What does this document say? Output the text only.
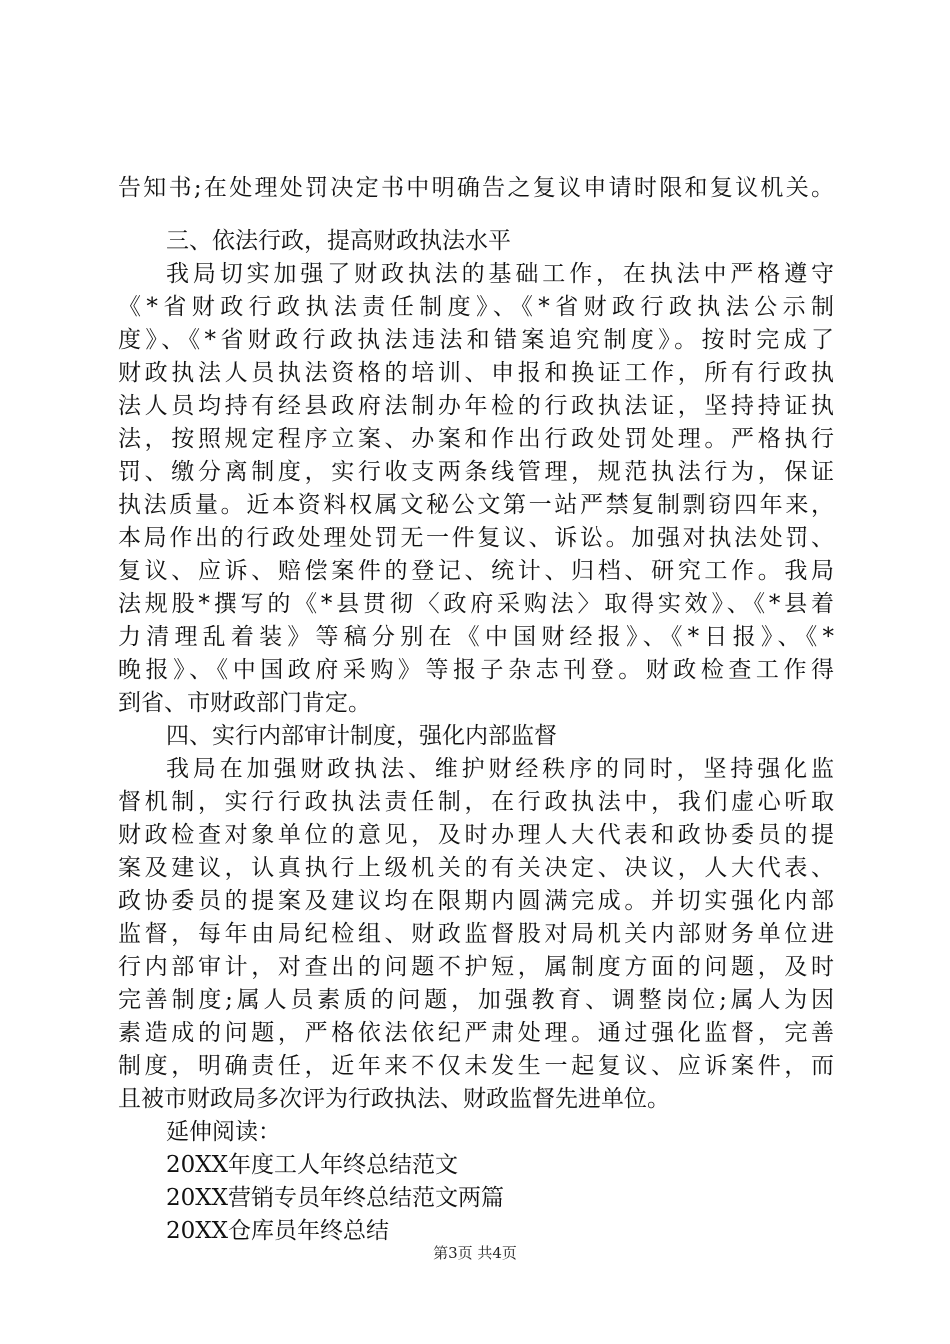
告知书;在处理处罚决定书中明确告之复议申请时限和复议机关。
三、依法行政，提高财政执法水平
我局切实加强了财政执法的基础工作，在执法中严格遵守
《*省财政行政执法责任制度》、《*省财政行政执法公示制
度》、《*省财政行政执法违法和错案追究制度》。按时完成了
财政执法人员执法资格的培训、申报和换证工作，所有行政执
法人员均持有经县政府法制办年检的行政执法证，坚持持证执
法，按照规定程序立案、办案和作出行政处罚处理。严格执行
罚、缴分离制度，实行收支两条线管理，规范执法行为，保证
执法质量。近本资料权属文秘公文第一站严禁复制剽窃四年来，
本局作出的行政处理处罚无一件复议、诉讼。加强对执法处罚、
复议、应诉、赔偿案件的登记、统计、归档、研究工作。我局
法规股*撰写的《*县贯彻〈政府采购法〉取得实效》、《*县着
力清理乱着装》等稿分别在《中国财经报》、《*日报》、《*
晚报》、《中国政府采购》等报子杂志刊登。财政检查工作得
到省、市财政部门肯定。
四、实行内部审计制度，强化内部监督
我局在加强财政执法、维护财经秩序的同时，坚持强化监
督机制，实行行政执法责任制，在行政执法中，我们虚心听取
财政检查对象单位的意见，及时办理人大代表和政协委员的提
案及建议，认真执行上级机关的有关决定、决议，人大代表、
政协委员的提案及建议均在限期内圆满完成。并切实强化内部
监督，每年由局纪检组、财政监督股对局机关内部财务单位进
行内部审计，对查出的问题不护短，属制度方面的问题，及时
完善制度;属人员素质的问题，加强教育、调整岗位;属人为因
素造成的问题，严格依法依纪严肃处理。通过强化监督，完善
制度，明确责任，近年来不仅未发生一起复议、应诉案件，而
且被市财政局多次评为行政执法、财政监督先进单位。
延伸阅读：
20XX年度工人年终总结范文
20XX营销专员年终总结范文两篇
20XX仓库员年终总结
第3页 共4页
